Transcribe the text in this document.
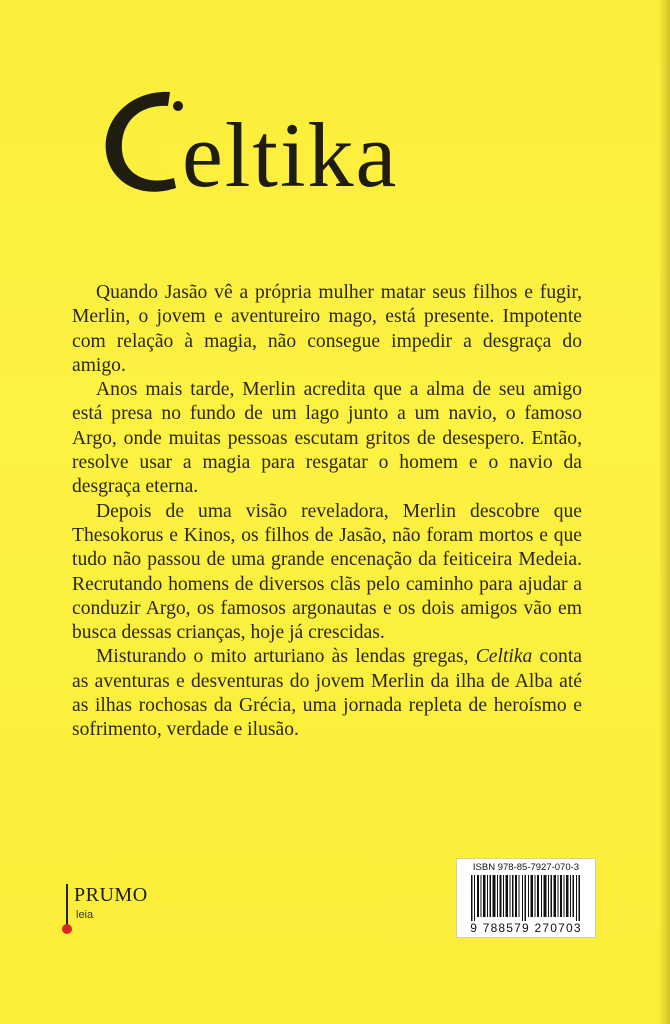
eltika

Quando Jasão vê a própria mulher matar seus filhos e fugir, Merlin, o jovem e aventureiro mago, está presente. Impotente com relação à magia, não consegue impedir a desgraça do amigo.

Anos mais tarde, Merlin acredita que a alma de seu amigo está presa no fundo de um lago junto a um navio, o famoso Argo, onde muitas pessoas escutam gritos de desespero. Então, resolve usar a magia para resgatar o homem e o navio da desgraça eterna.

Depois de uma visão reveladora, Merlin descobre que Thesokorus e Kinos, os filhos de Jasão, não foram mortos e que tudo não passou de uma grande encenação da feiticeira Medeia. Recrutando homens de diversos clãs pelo caminho para ajudar a conduzir Argo, os famosos argonautas e os dois amigos vão em busca dessas crianças, hoje já crescidas.

Misturando o mito arturiano às lendas gregas, Celtika conta as aventuras e desventuras do jovem Merlin da ilha de Alba até as ilhas rochosas da Grécia, uma jornada repleta de heroísmo e sofrimento, verdade e ilusão.

PRUMO
leia
ISBN 978-85-7927-070-3
9 788579 270703
